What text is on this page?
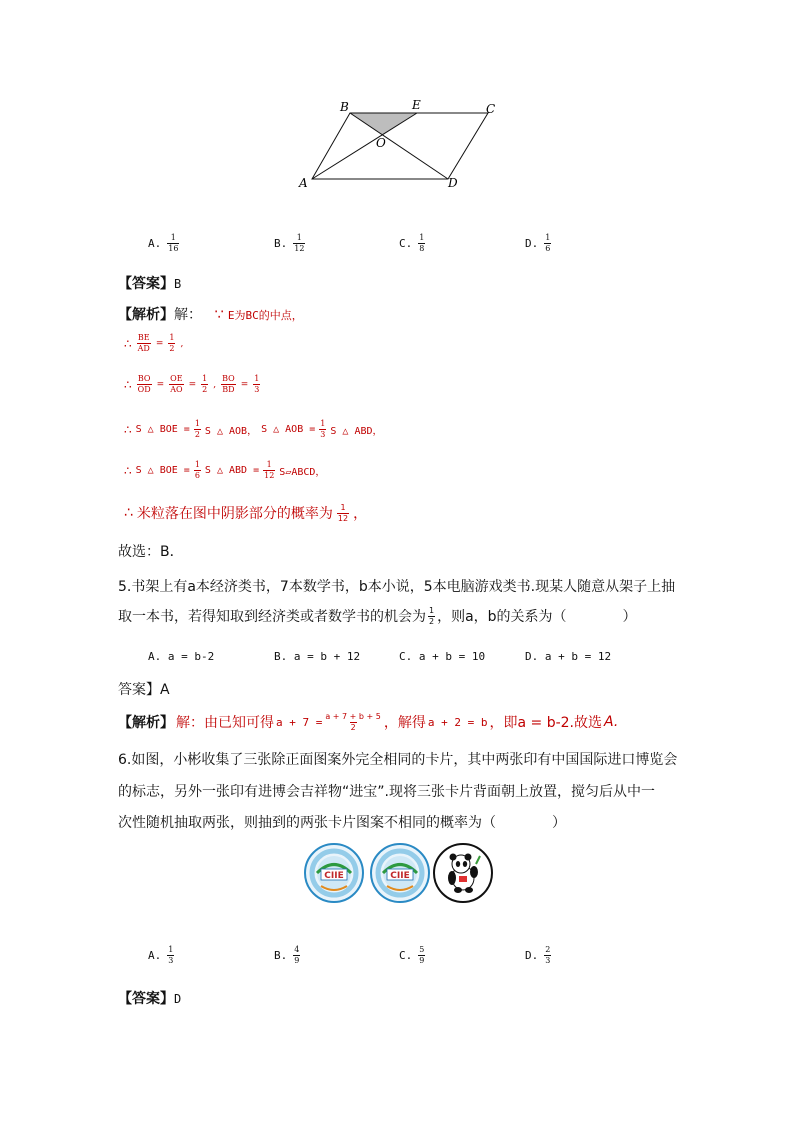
B	E	C
O
A	D
A. $\frac{1}{16}$	B. $\frac{1}{12}$	C. $\frac{1}{8}$	D. $\frac{1}{6}$
【答案】B
【解析】解： ∵ E为BC的中点，
∴ $\frac{BE}{AD} = \frac{1}{2}$ ,
∴ $\frac{BO}{OD} = \frac{OE}{AO} = \frac{1}{2}$ , $\frac{BO}{BD} = \frac{1}{3}$
∴ S △ BOE = $\frac{1}{2}$ S △ AOB， S △ AOB = $\frac{1}{3}$ S △ ABD，
∴ S △ BOE = $\frac{1}{6}$ S △ ABD = $\frac{1}{12}$ S▱ABCD，
∴ 米粒落在图中阴影部分的概率为 $\frac{1}{12}$ ，
故选：B．
5.书架上有a本经济类书，7本数学书，b本小说，5本电脑游戏类书.现某人随意从架子上抽
取一本书，若得知取到经济类或者数学书的机会为 $\frac{1}{2}$ ，则a，b的关系为（　　　　）
A. a = b-2	B. a = b + 12	C. a + b = 10	D. a + b = 12
答案】A
【解析】 解：由已知可得 $a + 7 = \frac{a + 7 + b + 5}{2}$ ，解得 a + 2 = b ，即a = b-2.故选 A.
6.如图，小彬收集了三张除正面图案外完全相同的卡片，其中两张印有中国国际进口博览会
的标志，另外一张印有进博会吉祥物“进宝”.现将三张卡片背面朝上放置，搅匀后从中一
次性随机抽取两张，则抽到的两张卡片图案不相同的概率为（　　　　）
CIIE	CIIE
A. $\frac{1}{3}$	B. $\frac{4}{9}$	C. $\frac{5}{9}$	D. $\frac{2}{3}$
【答案】D
